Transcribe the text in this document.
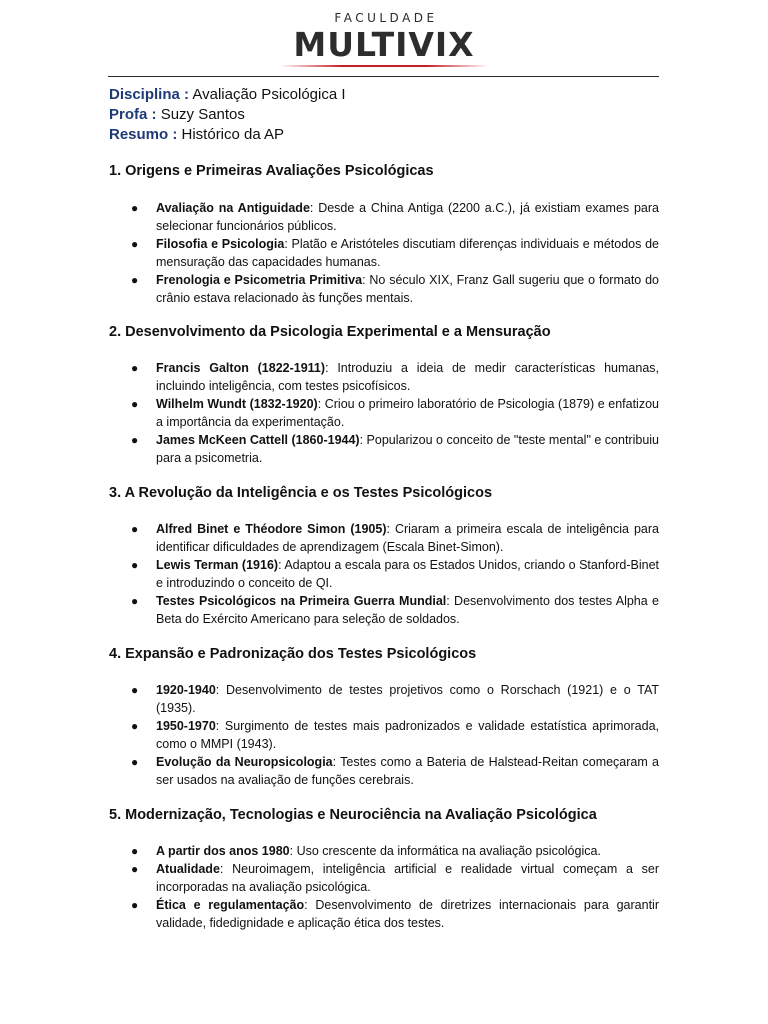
FACULDADE
MULTIVIX
Disciplina : Avaliação Psicológica I
Profa : Suzy Santos
Resumo : Histórico da AP
1. Origens e Primeiras Avaliações Psicológicas
● Avaliação na Antiguidade: Desde a China Antiga (2200 a.C.), já existiam exames para selecionar funcionários públicos.
● Filosofia e Psicologia: Platão e Aristóteles discutiam diferenças individuais e métodos de mensuração das capacidades humanas.
● Frenologia e Psicometria Primitiva: No século XIX, Franz Gall sugeriu que o formato do crânio estava relacionado às funções mentais.
2. Desenvolvimento da Psicologia Experimental e a Mensuração
● Francis Galton (1822-1911): Introduziu a ideia de medir características humanas, incluindo inteligência, com testes psicofísicos.
● Wilhelm Wundt (1832-1920): Criou o primeiro laboratório de Psicologia (1879) e enfatizou a importância da experimentação.
● James McKeen Cattell (1860-1944): Popularizou o conceito de "teste mental" e contribuiu para a psicometria.
3. A Revolução da Inteligência e os Testes Psicológicos
● Alfred Binet e Théodore Simon (1905): Criaram a primeira escala de inteligência para identificar dificuldades de aprendizagem (Escala Binet-Simon).
● Lewis Terman (1916): Adaptou a escala para os Estados Unidos, criando o Stanford-Binet e introduzindo o conceito de QI.
● Testes Psicológicos na Primeira Guerra Mundial: Desenvolvimento dos testes Alpha e Beta do Exército Americano para seleção de soldados.
4. Expansão e Padronização dos Testes Psicológicos
● 1920-1940: Desenvolvimento de testes projetivos como o Rorschach (1921) e o TAT (1935).
● 1950-1970: Surgimento de testes mais padronizados e validade estatística aprimorada, como o MMPI (1943).
● Evolução da Neuropsicologia: Testes como a Bateria de Halstead-Reitan começaram a ser usados na avaliação de funções cerebrais.
5. Modernização, Tecnologias e Neurociência na Avaliação Psicológica
● A partir dos anos 1980: Uso crescente da informática na avaliação psicológica.
● Atualidade: Neuroimagem, inteligência artificial e realidade virtual começam a ser incorporadas na avaliação psicológica.
● Ética e regulamentação: Desenvolvimento de diretrizes internacionais para garantir validade, fidedignidade e aplicação ética dos testes.
